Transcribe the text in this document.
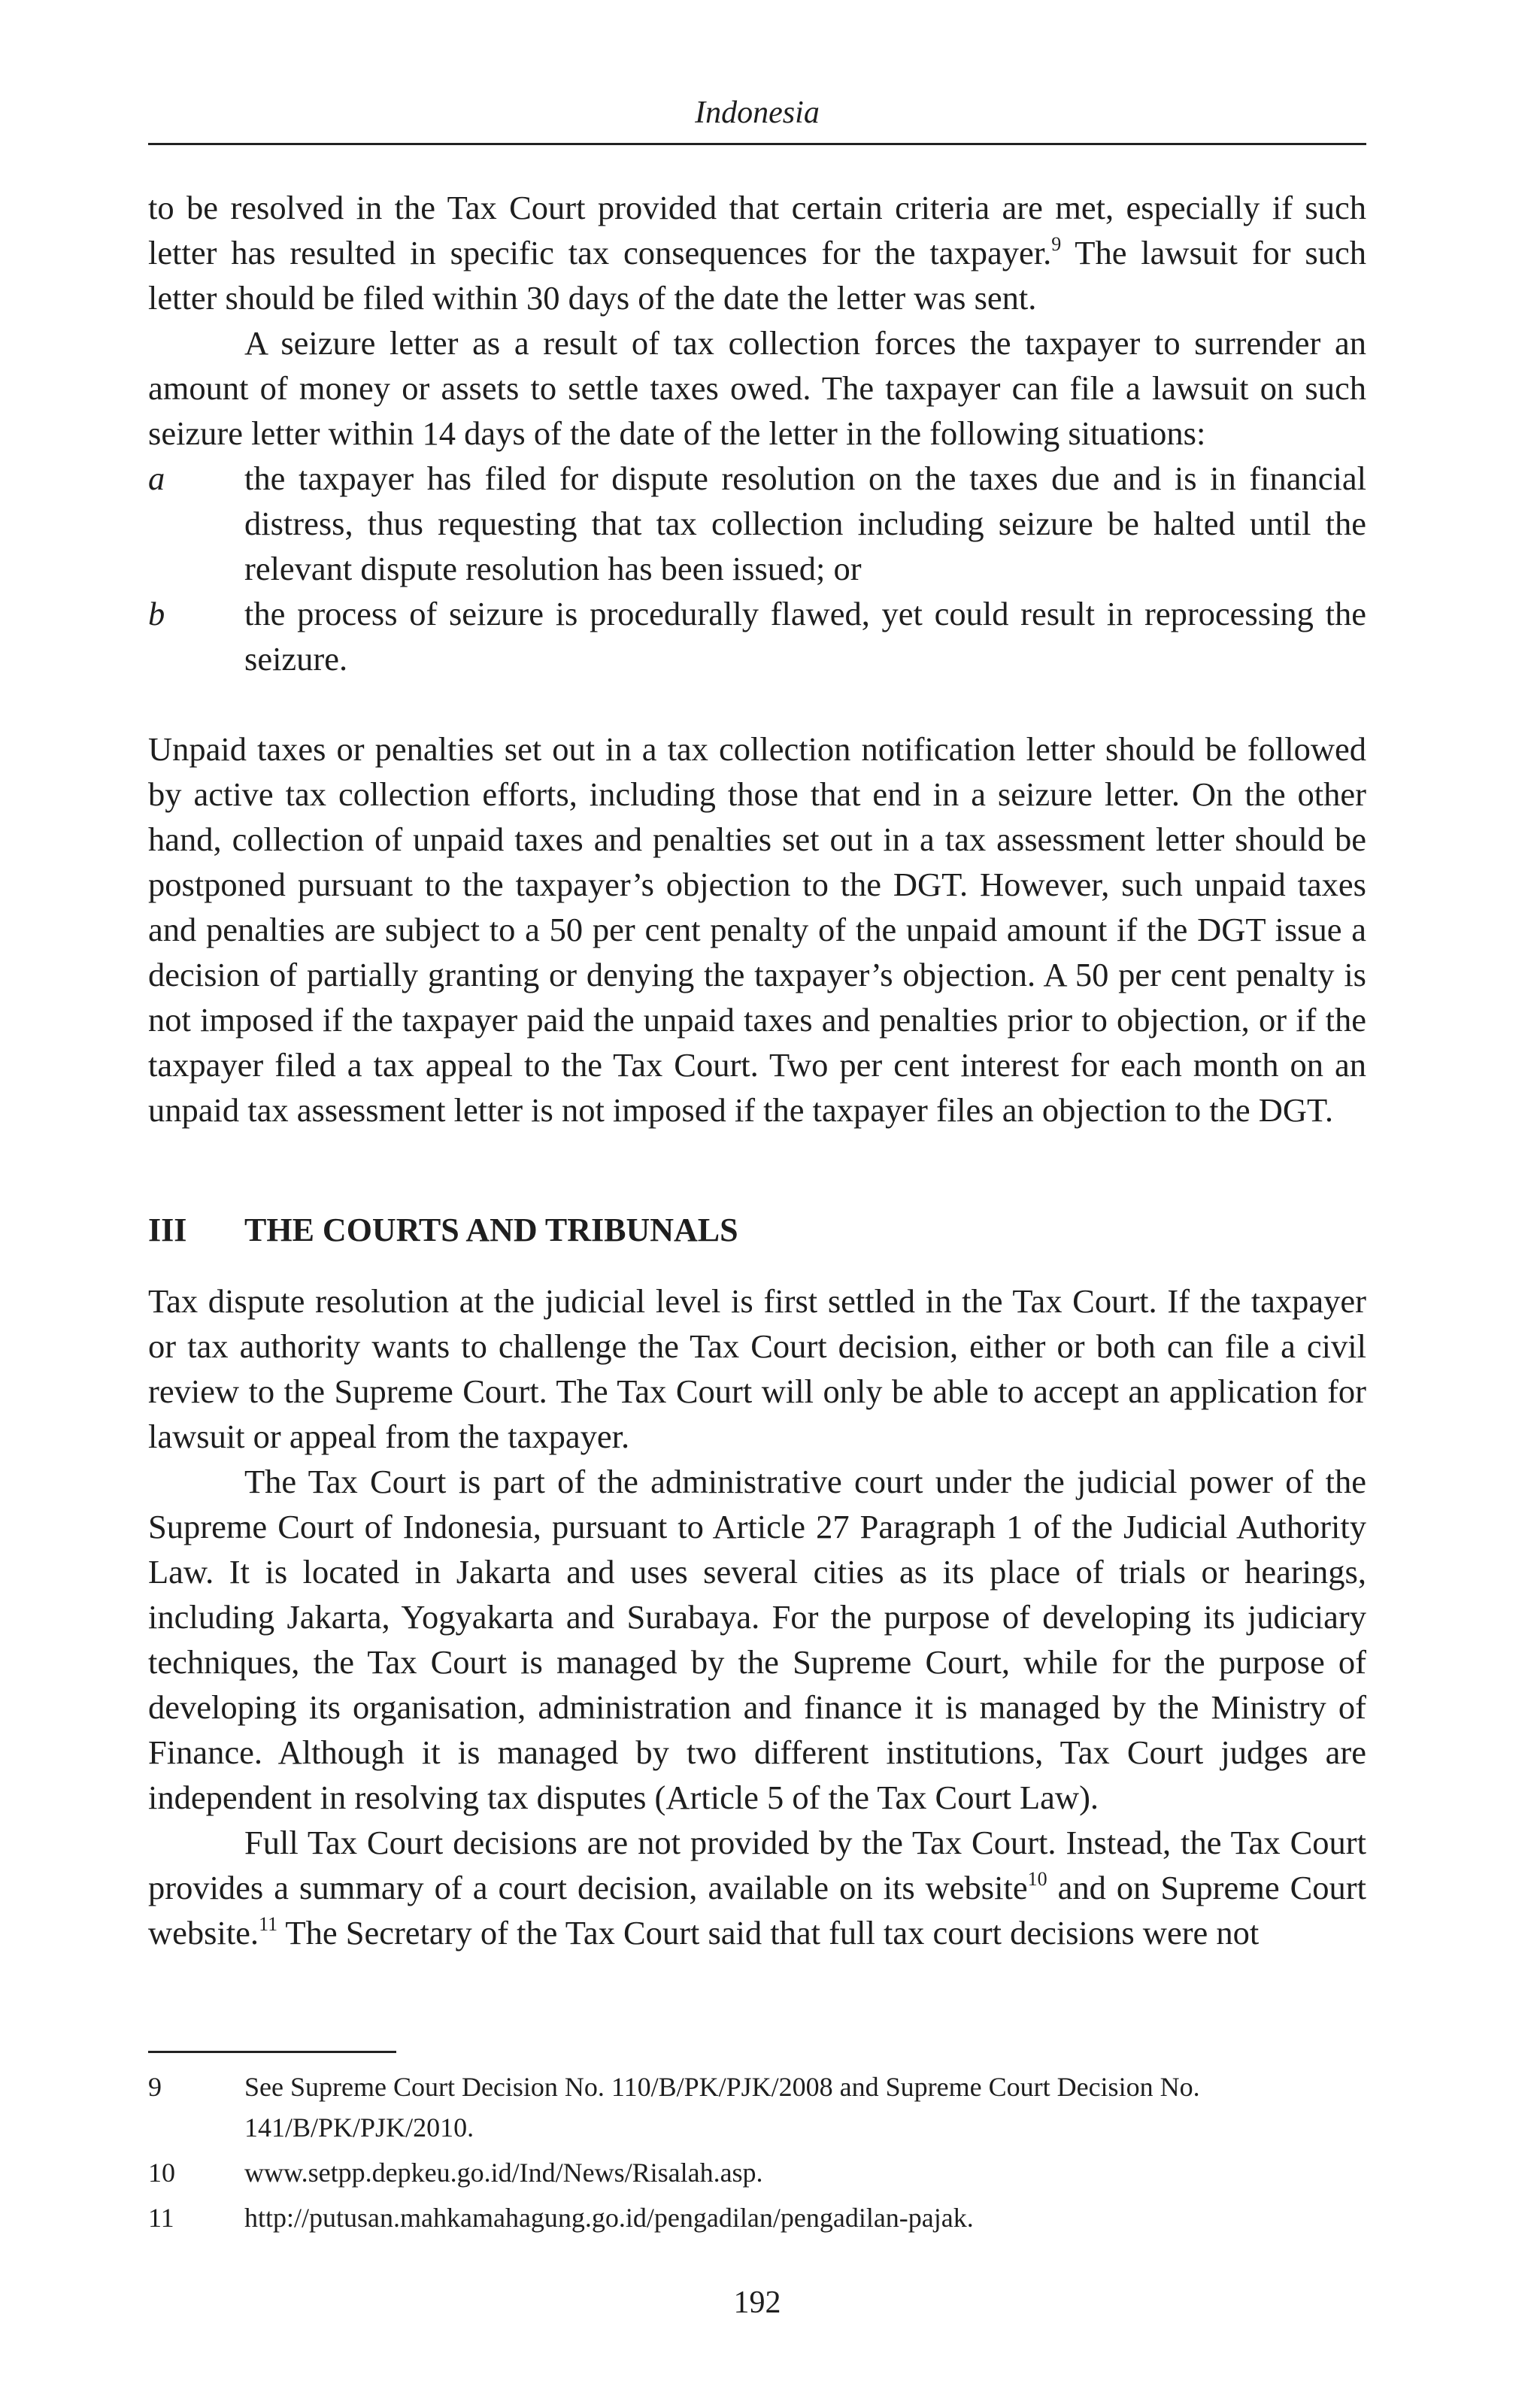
Indonesia

to be resolved in the Tax Court provided that certain criteria are met, especially if such letter has resulted in specific tax consequences for the taxpayer.$^9$ The lawsuit for such letter should be filed within 30 days of the date the letter was sent.

A seizure letter as a result of tax collection forces the taxpayer to surrender an amount of money or assets to settle taxes owed. The taxpayer can file a lawsuit on such seizure letter within 14 days of the date of the letter in the following situations:

a the taxpayer has filed for dispute resolution on the taxes due and is in financial distress, thus requesting that tax collection including seizure be halted until the relevant dispute resolution has been issued; or
b the process of seizure is procedurally flawed, yet could result in reprocessing the seizure.

Unpaid taxes or penalties set out in a tax collection notification letter should be followed by active tax collection efforts, including those that end in a seizure letter. On the other hand, collection of unpaid taxes and penalties set out in a tax assessment letter should be postponed pursuant to the taxpayer’s objection to the DGT. However, such unpaid taxes and penalties are subject to a 50 per cent penalty of the unpaid amount if the DGT issue a decision of partially granting or denying the taxpayer’s objection. A 50 per cent penalty is not imposed if the taxpayer paid the unpaid taxes and penalties prior to objection, or if the taxpayer filed a tax appeal to the Tax Court. Two per cent interest for each month on an unpaid tax assessment letter is not imposed if the taxpayer files an objection to the DGT.

III THE COURTS AND TRIBUNALS

Tax dispute resolution at the judicial level is first settled in the Tax Court. If the taxpayer or tax authority wants to challenge the Tax Court decision, either or both can file a civil review to the Supreme Court. The Tax Court will only be able to accept an application for lawsuit or appeal from the taxpayer.

The Tax Court is part of the administrative court under the judicial power of the Supreme Court of Indonesia, pursuant to Article 27 Paragraph 1 of the Judicial Authority Law. It is located in Jakarta and uses several cities as its place of trials or hearings, including Jakarta, Yogyakarta and Surabaya. For the purpose of developing its judiciary techniques, the Tax Court is managed by the Supreme Court, while for the purpose of developing its organisation, administration and finance it is managed by the Ministry of Finance. Although it is managed by two different institutions, Tax Court judges are independent in resolving tax disputes (Article 5 of the Tax Court Law).

Full Tax Court decisions are not provided by the Tax Court. Instead, the Tax Court provides a summary of a court decision, available on its website$^{10}$ and on Supreme Court website.$^{11}$ The Secretary of the Tax Court said that full tax court decisions were not

9	See Supreme Court Decision No. 110/B/PK/PJK/2008 and Supreme Court Decision No. 141/B/PK/PJK/2010.
10	www.setpp.depkeu.go.id/Ind/News/Risalah.asp.
11	http://putusan.mahkamahagung.go.id/pengadilan/pengadilan-pajak.
192
